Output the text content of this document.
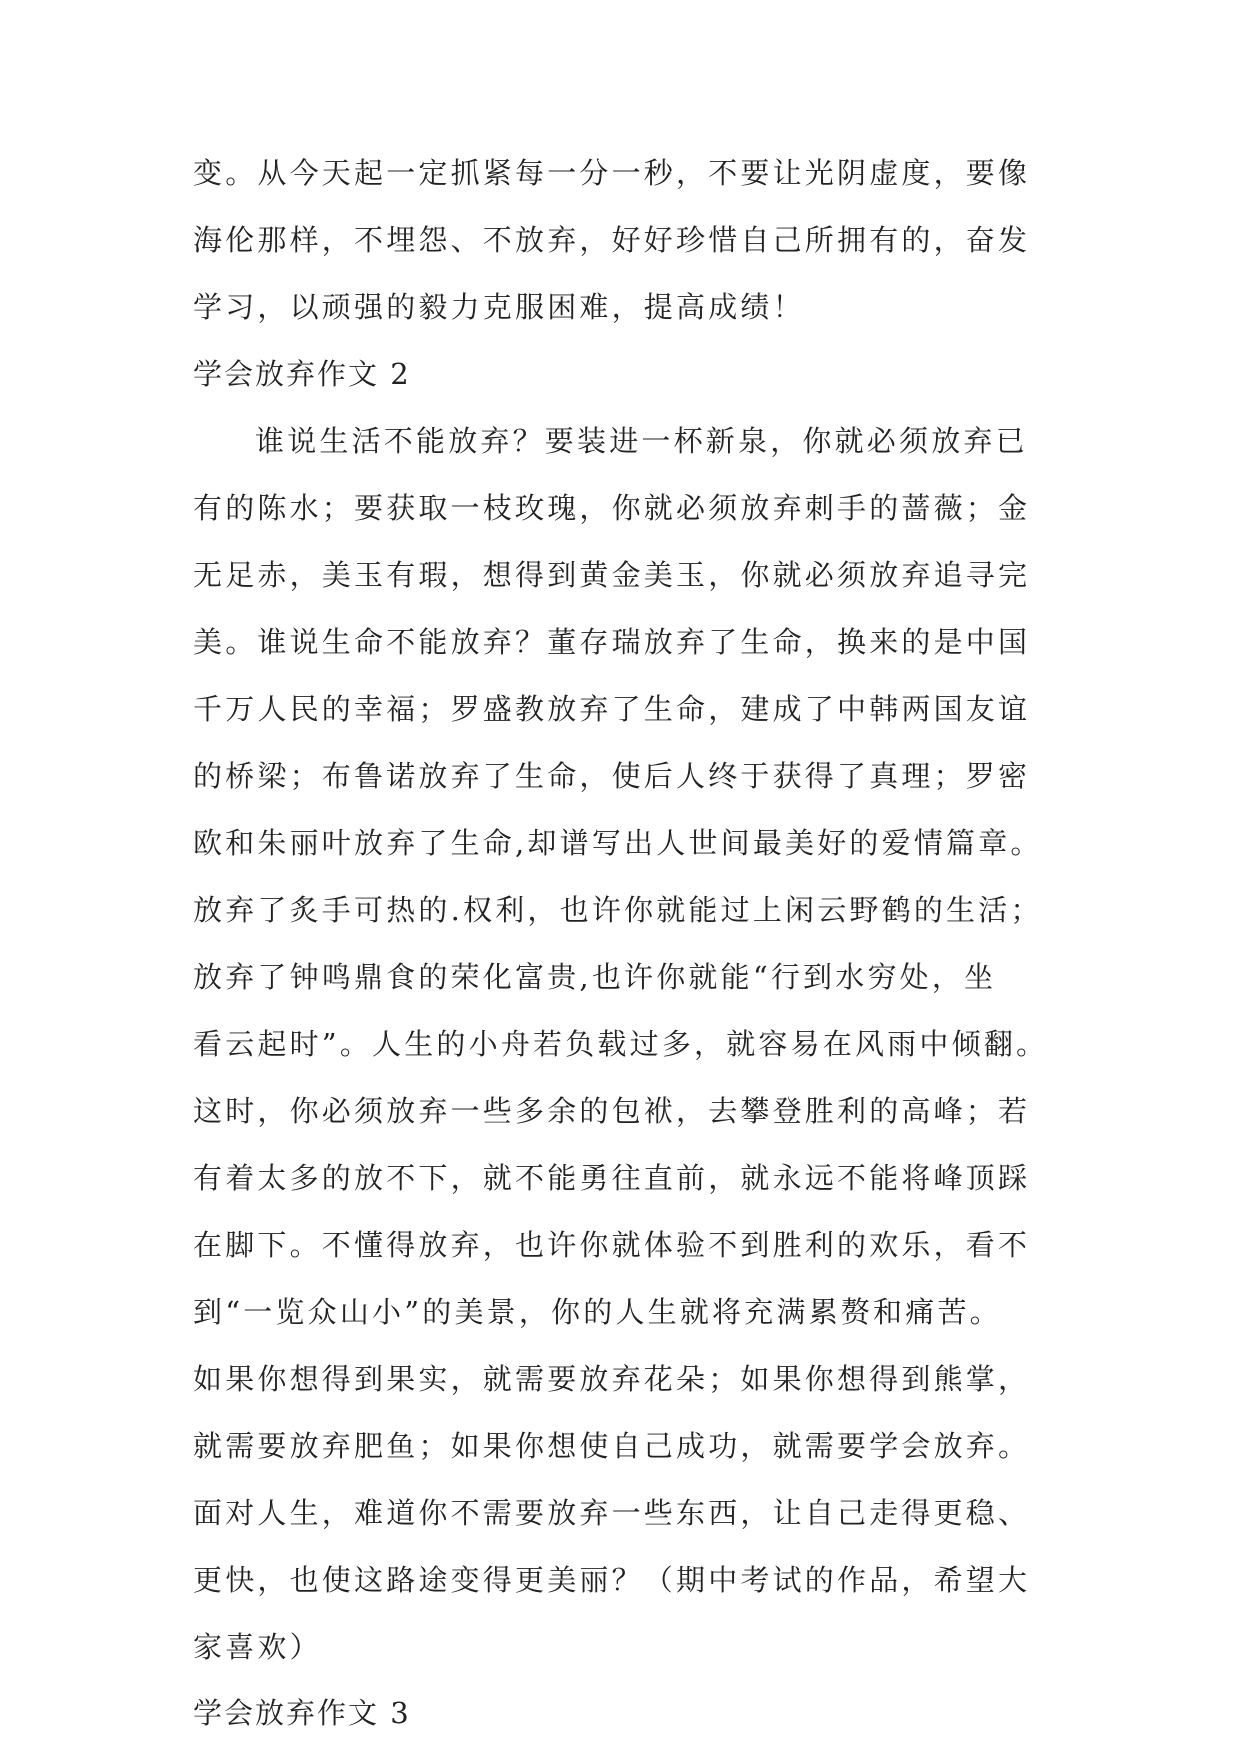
变。从今天起一定抓紧每一分一秒，不要让光阴虚度，要像
海伦那样，不埋怨、不放弃，好好珍惜自己所拥有的，奋发
学习，以顽强的毅力克服困难，提高成绩！
学会放弃作文 2
谁说生活不能放弃？要装进一杯新泉，你就必须放弃已
有的陈水；要获取一枝玫瑰，你就必须放弃刺手的蔷薇；金
无足赤，美玉有瑕，想得到黄金美玉，你就必须放弃追寻完
美。谁说生命不能放弃？董存瑞放弃了生命，换来的是中国
千万人民的幸福；罗盛教放弃了生命，建成了中韩两国友谊
的桥梁；布鲁诺放弃了生命，使后人终于获得了真理；罗密
欧和朱丽叶放弃了生命,却谱写出人世间最美好的爱情篇章。
放弃了炙手可热的.权利，也许你就能过上闲云野鹤的生活；
放弃了钟鸣鼎食的荣化富贵,也许你就能“行到水穷处，坐
看云起时”。人生的小舟若负载过多，就容易在风雨中倾翻。
这时，你必须放弃一些多余的包袱，去攀登胜利的高峰；若
有着太多的放不下，就不能勇往直前，就永远不能将峰顶踩
在脚下。不懂得放弃，也许你就体验不到胜利的欢乐，看不
到“一览众山小”的美景，你的人生就将充满累赘和痛苦。
如果你想得到果实，就需要放弃花朵；如果你想得到熊掌，
就需要放弃肥鱼；如果你想使自己成功，就需要学会放弃。
面对人生，难道你不需要放弃一些东西，让自己走得更稳、
更快，也使这路途变得更美丽？（期中考试的作品，希望大
家喜欢）
学会放弃作文 3
